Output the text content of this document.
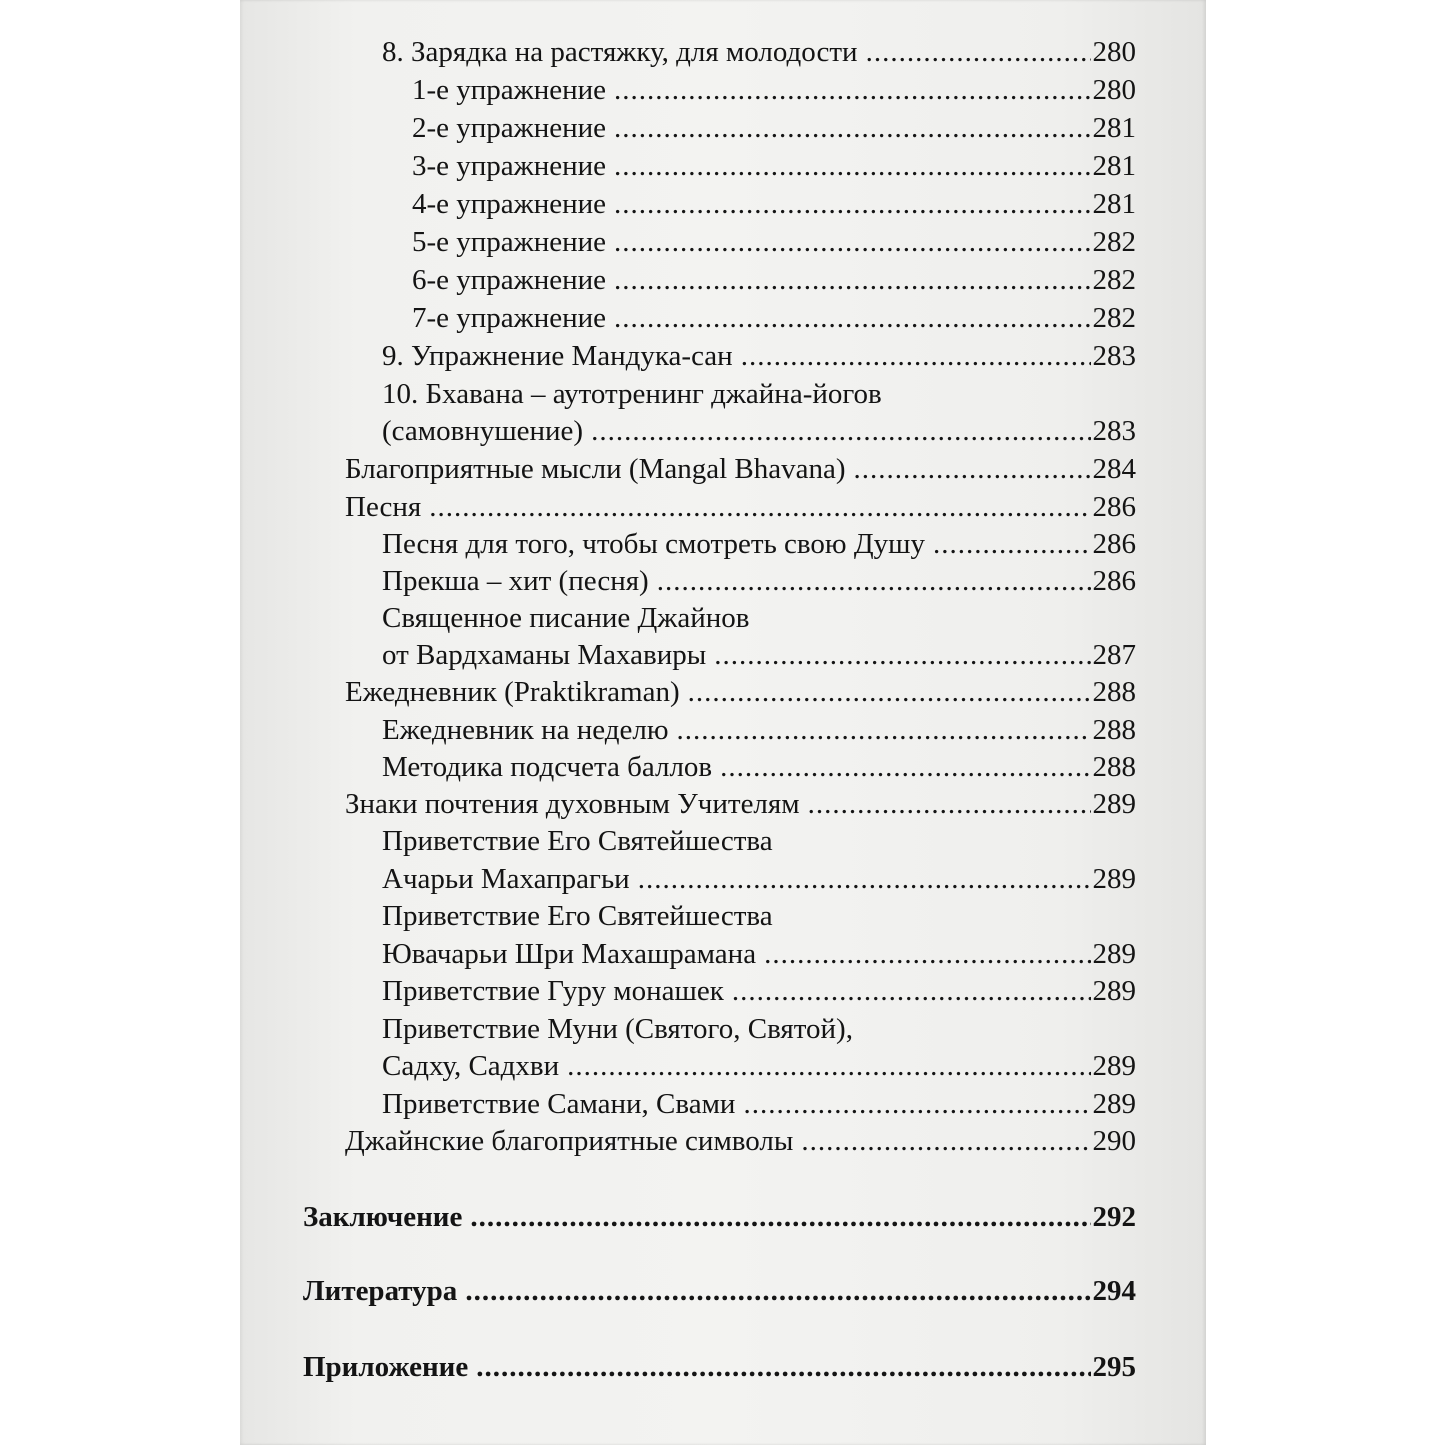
8. Зарядка на растяжку, для молодости .....	280
1-е упражнение .....	280
2-е упражнение .....	281
3-е упражнение .....	281
4-е упражнение .....	281
5-е упражнение .....	282
6-е упражнение .....	282
7-е упражнение .....	282
9. Упражнение Мандука-сан .....	283
10. Бхавана – аутотренинг джайна-йогов
(самовнушение) .....	283
Благоприятные мысли (Mangal Bhavana) .....	284
Песня .....	286
Песня для того, чтобы смотреть свою Душу .....	286
Прекша – хит (песня) .....	286
Священное писание Джайнов
от Вардхаманы Махавиры .....	287
Ежедневник (Praktikraman) .....	288
Ежедневник на неделю .....	288
Методика подсчета баллов .....	288
Знаки почтения духовным Учителям .....	289
Приветствие Его Святейшества
Ачарьи Махапрагьи .....	289
Приветствие Его Святейшества
Ювачарьи Шри Махашрамана .....	289
Приветствие Гуру монашек .....	289
Приветствие Муни (Святого, Святой),
Садху, Садхви .....	289
Приветствие Самани, Свами .....	289
Джайнские благоприятные символы .....	290
Заключение .....	292
Литература .....	294
Приложение .....	295
